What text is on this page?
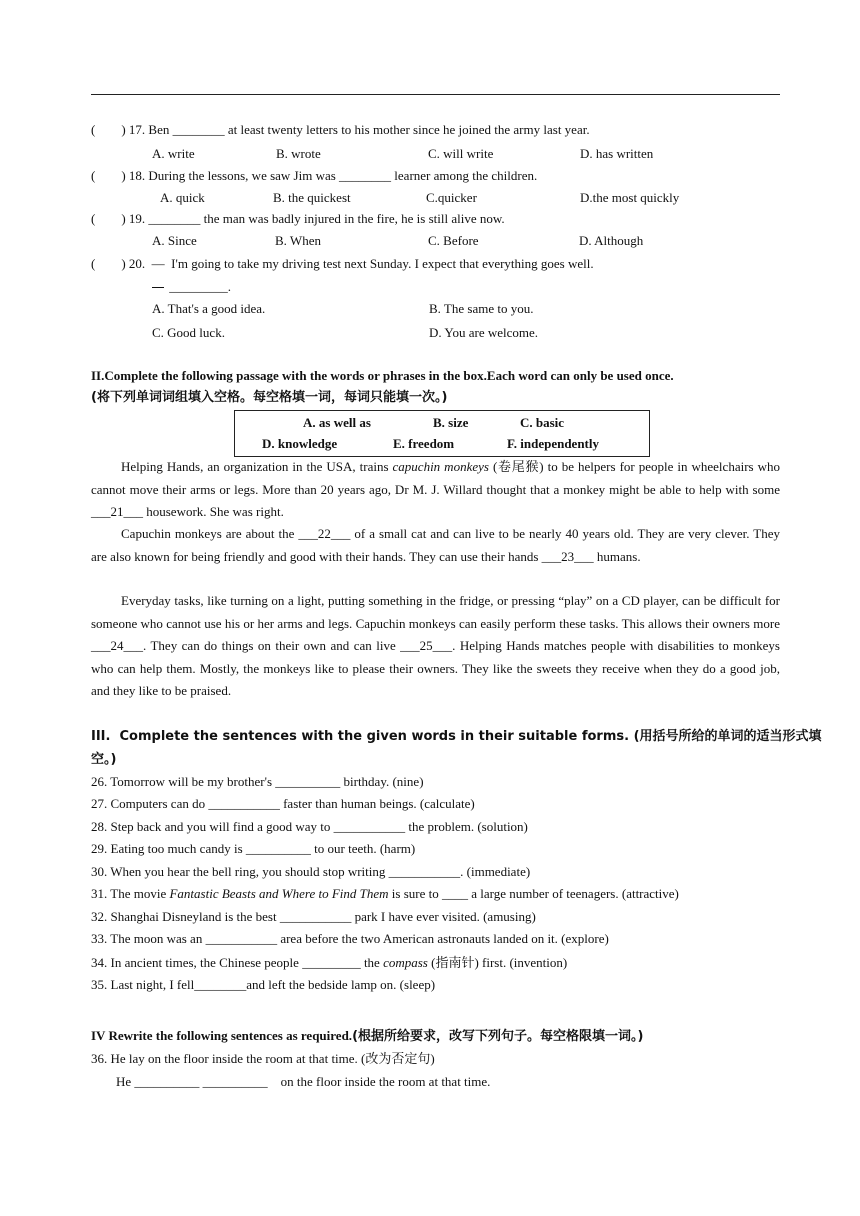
(        ) 17. Ben ________ at least twenty letters to his mother since he joined the army last year.
A. write	B. wrote	C. will write	D. has written
(        ) 18. During the lessons, we saw Jim was ________ learner among the children.
A. quick	B. the quickest	C.quicker	D.the most quickly
(        ) 19. ________ the man was badly injured in the fire, he is still alive now.
A. Since	B. When	C. Before	D. Although
(        ) 20.  —  I'm going to take my driving test next Sunday. I expect that everything goes well.
_________.
A. That's a good idea.	B. The same to you.
C. Good luck.	D. You are welcome.
II.Complete the following passage with the words or phrases in the box.Each word can only be used once.
(将下列单词词组填入空格。每空格填一词，每词只能填一次。)
A. as well as	B. size	C. basic
D. knowledge	E. freedom	F. independently
Helping Hands, an organization in the USA, trains capuchin monkeys (卷尾猴) to be helpers for people in wheelchairs who cannot move their arms or legs. More than 20 years ago, Dr M. J. Willard thought that a monkey might be able to help with some ___21___ housework. She was right.
Capuchin monkeys are about the ___22___ of a small cat and can live to be nearly 40 years old. They are very clever. They are also known for being friendly and good with their hands. They can use their hands ___23___ humans.
Everyday tasks, like turning on a light, putting something in the fridge, or pressing “play” on a CD player, can be difficult for someone who cannot use his or her arms and legs. Capuchin monkeys can easily perform these tasks. This allows their owners more ___24___. They can do things on their own and can live ___25___. Helping Hands matches people with disabilities to monkeys who can help them. Mostly, the monkeys like to please their owners. They like the sweets they receive when they do a good job, and they like to be praised.
III.  Complete the sentences with the given words in their suitable forms. (用括号所给的单词的适当形式填
空。)
26. Tomorrow will be my brother's __________ birthday. (nine)
27. Computers can do ___________ faster than human beings. (calculate)
28. Step back and you will find a good way to ___________ the problem. (solution)
29. Eating too much candy is __________ to our teeth. (harm)
30. When you hear the bell ring, you should stop writing ___________. (immediate)
31. The movie Fantastic Beasts and Where to Find Them is sure to ____ a large number of teenagers. (attractive)
32. Shanghai Disneyland is the best ___________ park I have ever visited. (amusing)
33. The moon was an ___________ area before the two American astronauts landed on it. (explore)
34. In ancient times, the Chinese people _________ the compass (指南针) first. (invention)
35. Last night, I fell________and left the bedside lamp on. (sleep)
IV Rewrite the following sentences as required.(根据所给要求，改写下列句子。每空格限填一词。)
36. He lay on the floor inside the room at that time. (改为否定句)
He __________ __________    on the floor inside the room at that time.
